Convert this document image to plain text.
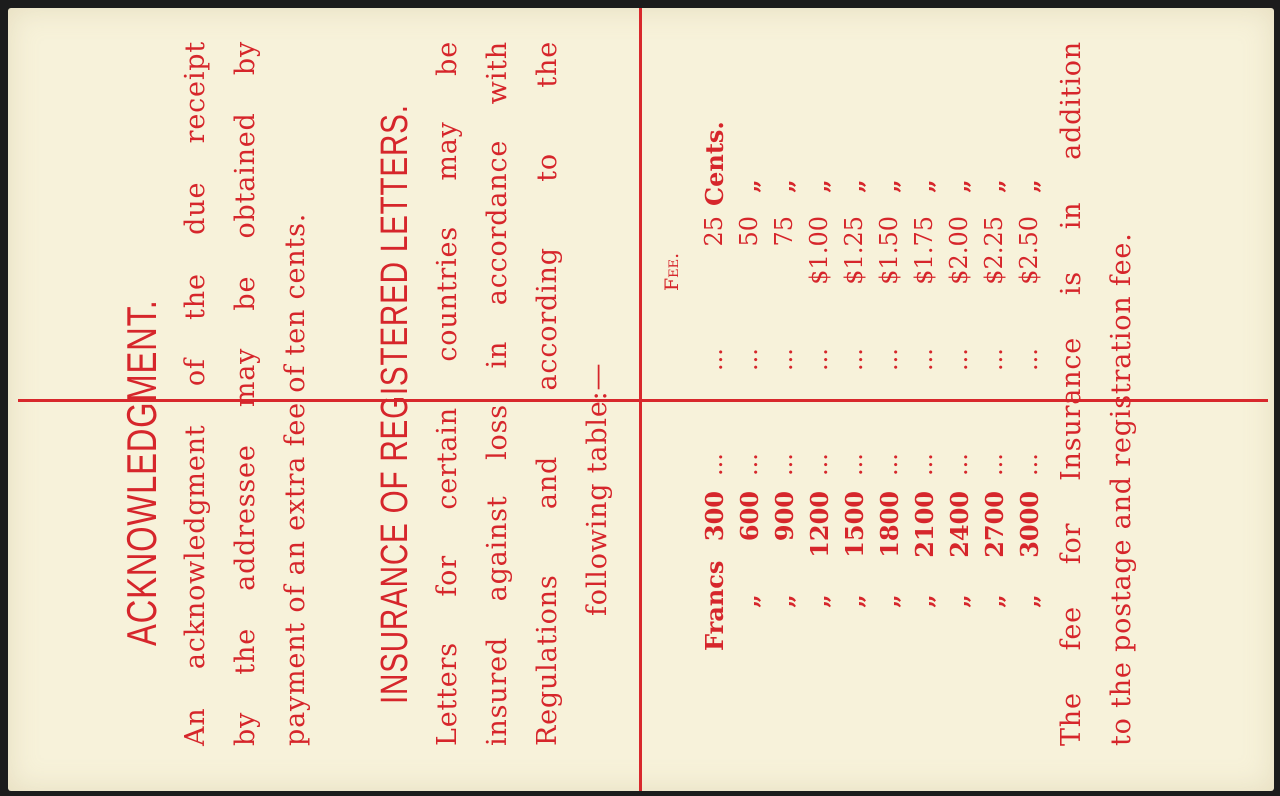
ACKNOWLEDGMENT. An acknowledgment of the due receipt by the addressee may be obtained by payment of an extra fee of ten cents. INSURANCE OF REGISTERED LETTERS. Letters for certain countries may be insured against loss in accordance with Regulations and according to the following table:—
Fee.
Francs
300
...
...
25
Cents.
„
600
...
...
50
„
„
900
...
...
75
„
„
1200
...
...
$1.00
„
„
1500
...
...
$1.25
„
„
1800
...
...
$1.50
„
„
2100
...
...
$1.75
„
„
2400
...
...
$2.00
„
„
2700
...
...
$2.25
„
„
3000
...
...
$2.50
„ The fee for Insurance is in addition to the postage and registration fee.
